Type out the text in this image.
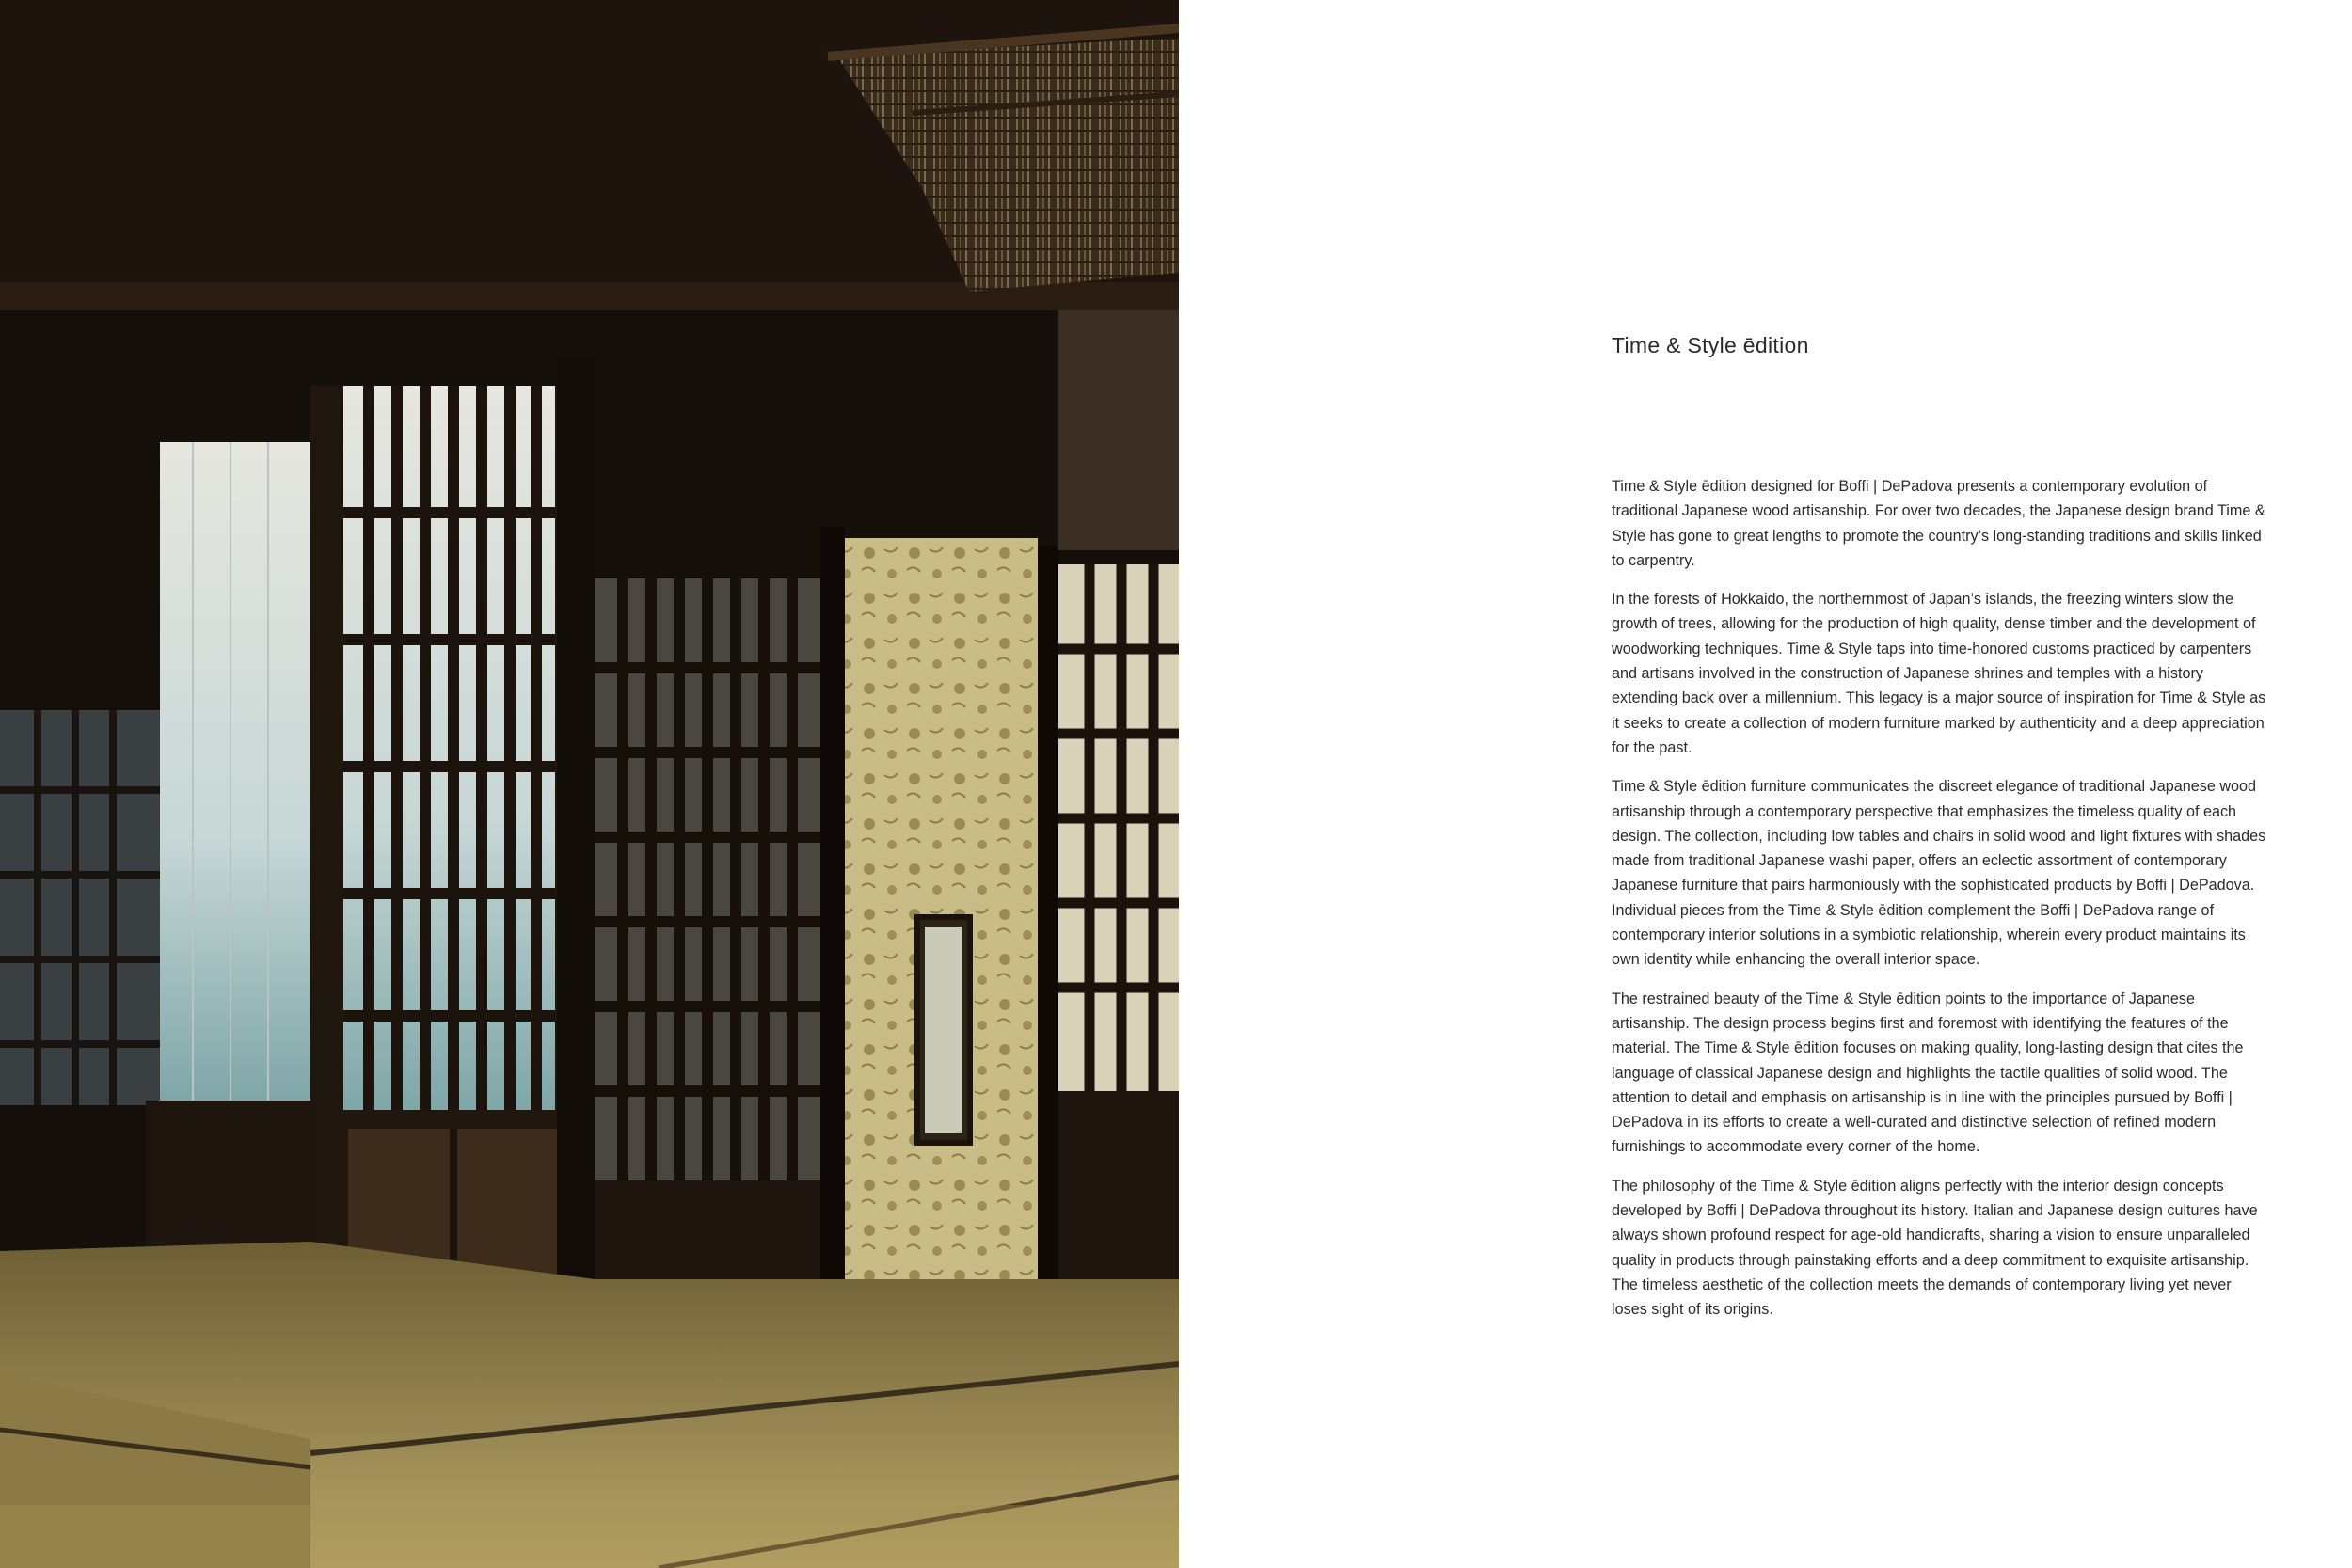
Time & Style ēdition

Time & Style ēdition designed for Boffi | DePadova presents a contemporary evolution of traditional Japanese wood artisanship. For over two decades, the Japanese design brand Time & Style has gone to great lengths to promote the country’s long-standing traditions and skills linked to carpentry.

In the forests of Hokkaido, the northernmost of Japan’s islands, the freezing winters slow the growth of trees, allowing for the production of high quality, dense timber and the development of woodworking techniques. Time & Style taps into time-honored customs practiced by carpenters and artisans involved in the construction of Japanese shrines and temples with a history extending back over a millennium. This legacy is a major source of inspiration for Time & Style as it seeks to create a collection of modern furniture marked by authenticity and a deep appreciation for the past.

Time & Style ēdition furniture communicates the discreet elegance of traditional Japanese wood artisanship through a contemporary perspective that emphasizes the timeless quality of each design. The collection, including low tables and chairs in solid wood and light fixtures with shades made from traditional Japanese washi paper, offers an eclectic assortment of contemporary Japanese furniture that pairs harmoniously with the sophisticated products by Boffi | DePadova. Individual pieces from the Time & Style ēdition complement the Boffi | DePadova range of contemporary interior solutions in a symbiotic relationship, wherein every product maintains its own identity while enhancing the overall interior space.

The restrained beauty of the Time & Style ēdition points to the importance of Japanese artisanship. The design process begins first and foremost with identifying the features of the material. The Time & Style ēdition focuses on making quality, long-lasting design that cites the language of classical Japanese design and highlights the tactile qualities of solid wood. The attention to detail and emphasis on artisanship is in line with the principles pursued by Boffi | DePadova in its efforts to create a well-curated and distinctive selection of refined modern furnishings to accommodate every corner of the home.

The philosophy of the Time & Style ēdition aligns perfectly with the interior design concepts developed by Boffi | DePadova throughout its history. Italian and Japanese design cultures have always shown profound respect for age-old handicrafts, sharing a vision to ensure unparalleled quality in products through painstaking efforts and a deep commitment to exquisite artisanship. The timeless aesthetic of the collection meets the demands of contemporary living yet never loses sight of its origins.
